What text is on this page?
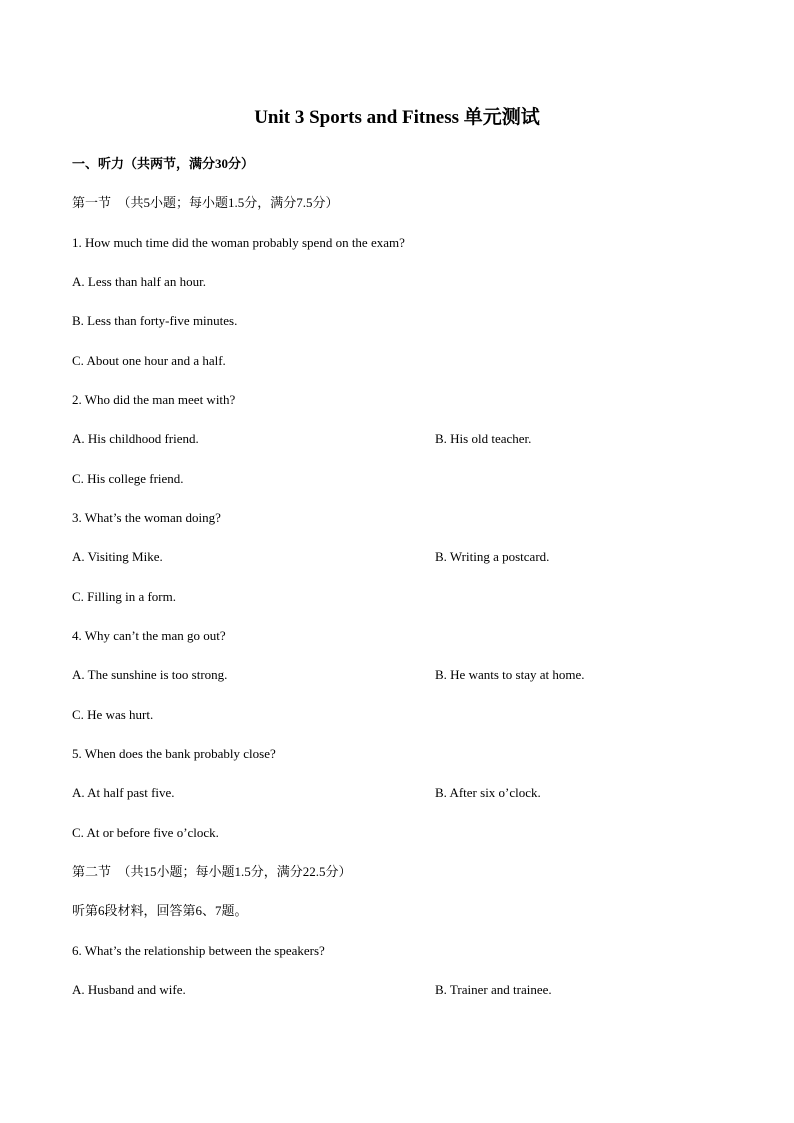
Unit 3 Sports and Fitness 单元测试
一、听力（共两节，满分30分）
第一节　（共5小题；每小题1.5分，满分7.5分）
1. How much time did the woman probably spend on the exam?
A. Less than half an hour.
B. Less than forty-five minutes.
C. About one hour and a half.
2. Who did the man meet with?
A. His childhood friend.	B. His old teacher.
C. His college friend.
3. What’s the woman doing?
A. Visiting Mike.	B. Writing a postcard.
C. Filling in a form.
4. Why can’t the man go out?
A. The sunshine is too strong.	B. He wants to stay at home.
C. He was hurt.
5. When does the bank probably close?
A. At half past five.	B. After six o’clock.
C. At or before five o’clock.
第二节　（共15小题；每小题1.5分，满分22.5分）
听第6段材料，回答第6、7题。
6. What’s the relationship between the speakers?
A. Husband and wife.	B. Trainer and trainee.
